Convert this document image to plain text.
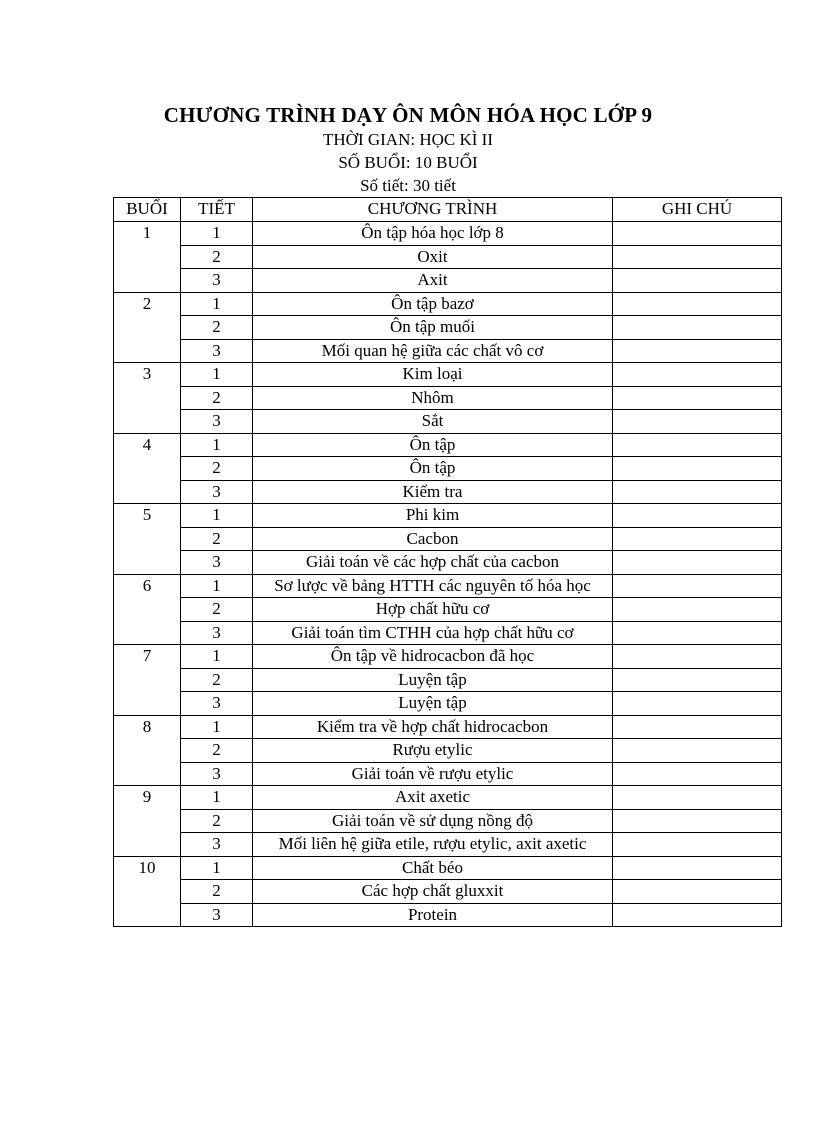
CHƯƠNG TRÌNH DẠY ÔN MÔN HÓA HỌC LỚP 9
THỜI GIAN: HỌC KÌ II
SỐ BUỔI: 10 BUỔI
Số tiết: 30 tiết
BUỔI	TIẾT	CHƯƠNG TRÌNH	GHI CHÚ
1	1	Ôn tập hóa học lớp 8	
	2	Oxit	
	3	Axit	
2	1	Ôn tập bazơ	
	2	Ôn tập muối	
	3	Mối quan hệ giữa các chất vô cơ	
3	1	Kim loại	
	2	Nhôm	
	3	Sắt	
4	1	Ôn tập	
	2	Ôn tập	
	3	Kiểm tra	
5	1	Phi kim	
	2	Cacbon	
	3	Giải toán về các hợp chất của cacbon	
6	1	Sơ lược về bảng HTTH các nguyên tố hóa học	
	2	Hợp chất hữu cơ	
	3	Giải toán tìm CTHH của hợp chất hữu cơ	
7	1	Ôn tập về hidrocacbon đã học	
	2	Luyện tập	
	3	Luyện tập	
8	1	Kiểm tra về hợp chất hidrocacbon	
	2	Rượu etylic	
	3	Giải toán về rượu etylic	
9	1	Axit axetic	
	2	Giải toán về sử dụng nồng độ	
	3	Mối liên hệ giữa etile, rượu etylic, axit axetic	
10	1	Chất béo	
	2	Các hợp chất gluxxit	
	3	Protein	
